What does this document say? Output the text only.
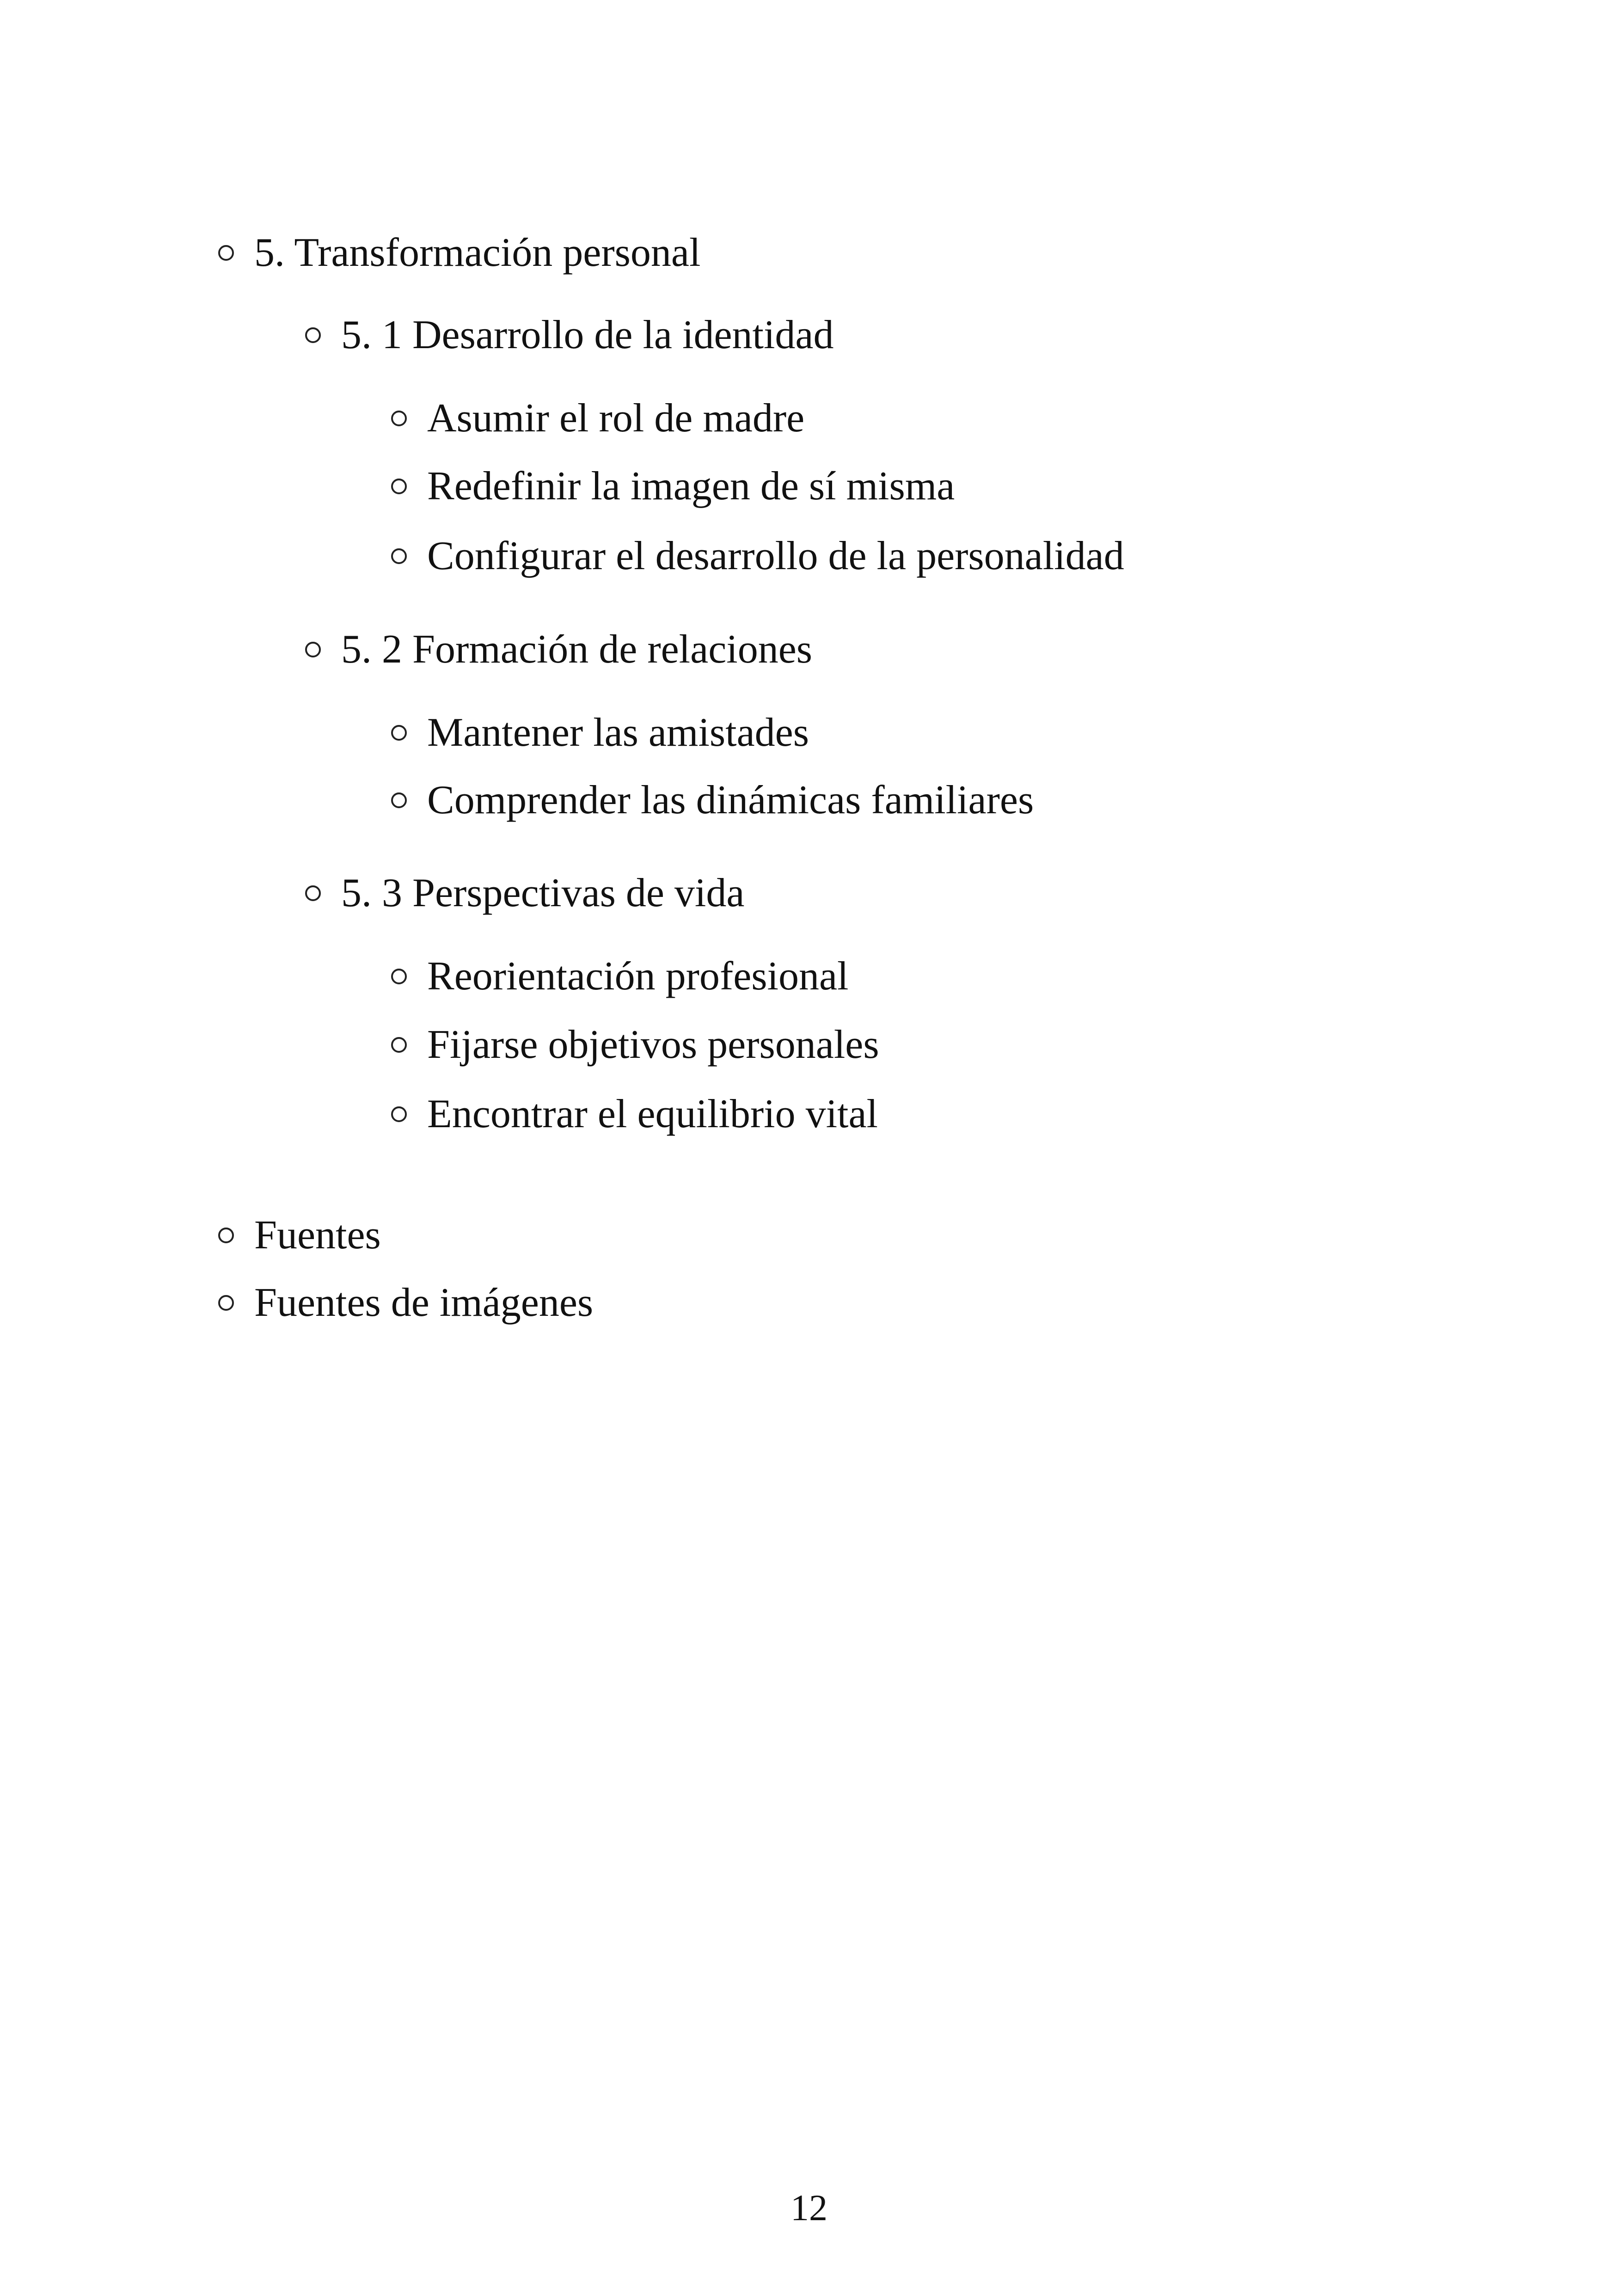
5. Transformación personal
5. 1 Desarrollo de la identidad
Asumir el rol de madre
Redefinir la imagen de sí misma
Configurar el desarrollo de la personalidad
5. 2 Formación de relaciones
Mantener las amistades
Comprender las dinámicas familiares
5. 3 Perspectivas de vida
Reorientación profesional
Fijarse objetivos personales
Encontrar el equilibrio vital
Fuentes
Fuentes de imágenes
12
